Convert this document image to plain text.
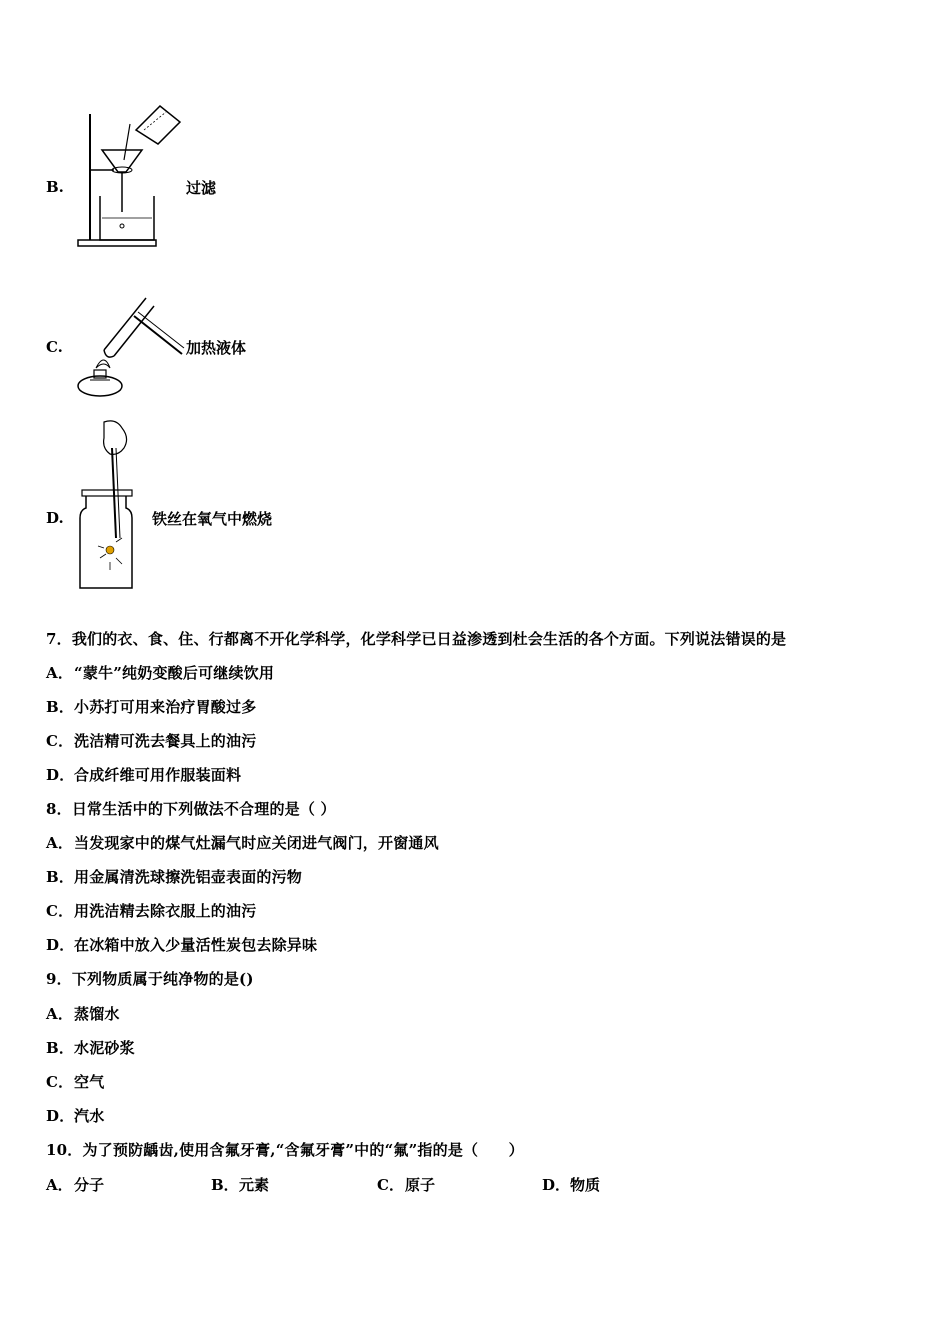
B.	过滤
C.	加热液体
D.	铁丝在氧气中燃烧
7．我们的衣、食、住、行都离不开化学科学，化学科学已日益渗透到杜会生活的各个方面。下列说法错误的是
A．“蒙牛”纯奶变酸后可继续饮用
B．小苏打可用来治疗胃酸过多
C．洗洁精可洗去餐具上的油污
D．合成纤维可用作服装面料
8．日常生活中的下列做法不合理的是（ ）
A．当发现家中的煤气灶漏气时应关闭进气阀门，开窗通风
B．用金属清洗球擦洗铝壶表面的污物
C．用洗洁精去除衣服上的油污
D．在冰箱中放入少量活性炭包去除异味
9．下列物质属于纯净物的是()
A．蒸馏水
B．水泥砂浆
C．空气
D．汽水
10．为了预防龋齿,使用含氟牙膏,“含氟牙膏”中的“氟”指的是（　　）
A．分子	B．元素	C．原子	D．物质
